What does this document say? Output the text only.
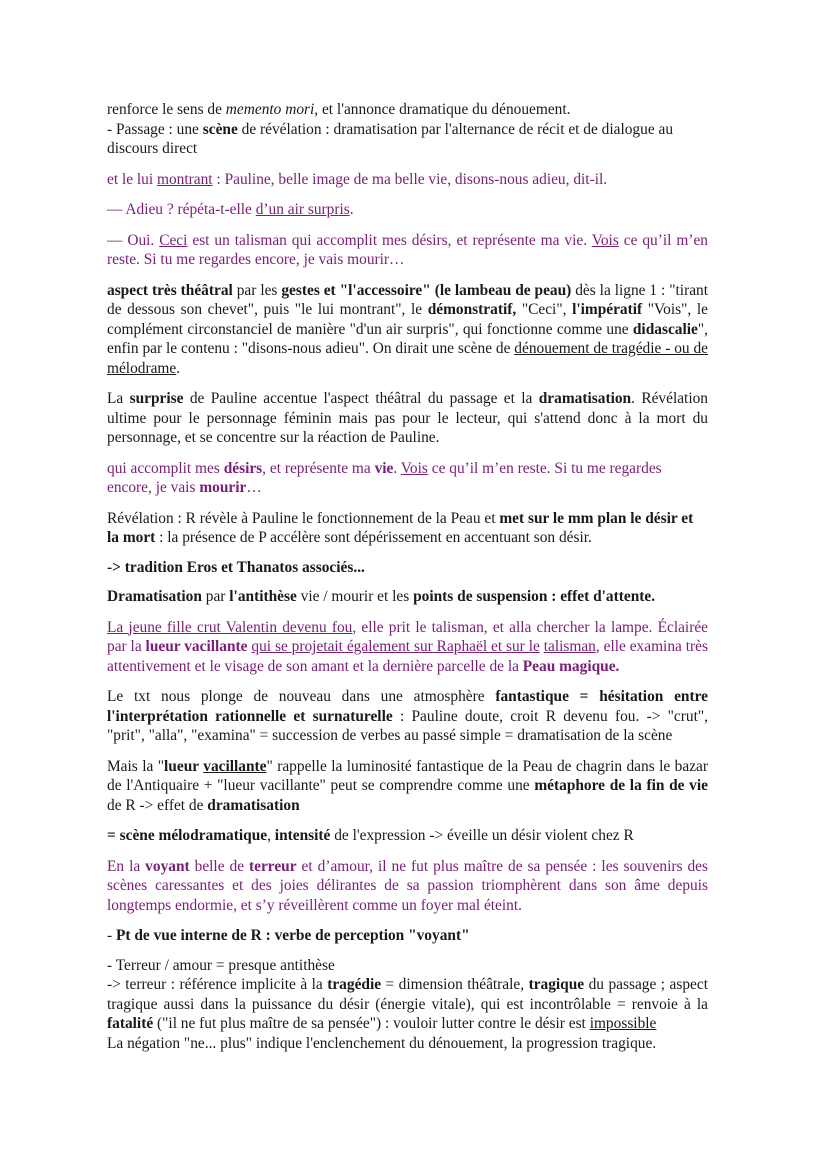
renforce le sens de memento mori, et l'annonce dramatique du dénouement.

- Passage : une scène de révélation : dramatisation par l'alternance de récit et de dialogue au discours direct

et le lui montrant : Pauline, belle image de ma belle vie, disons-nous adieu, dit-il.

— Adieu ? répéta-t-elle d’un air surpris.

— Oui. Ceci est un talisman qui accomplit mes désirs, et représente ma vie. Vois ce qu’il m’en reste. Si tu me regardes encore, je vais mourir…

aspect très théâtral par les gestes et "l'accessoire" (le lambeau de peau) dès la ligne 1 : "tirant de dessous son chevet", puis "le lui montrant", le démonstratif, "Ceci", l'impératif "Vois", le complément circonstanciel de manière "d'un air surpris", qui fonctionne comme une didascalie", enfin par le contenu : "disons-nous adieu". On dirait une scène de dénouement de tragédie - ou de mélodrame.

La surprise de Pauline accentue l'aspect théâtral du passage et la dramatisation. Révélation ultime pour le personnage féminin mais pas pour le lecteur, qui s'attend donc à la mort du personnage, et se concentre sur la réaction de Pauline.

qui accomplit mes désirs, et représente ma vie. Vois ce qu’il m’en reste. Si tu me regardes encore, je vais mourir…

Révélation : R révèle à Pauline le fonctionnement de la Peau et met sur le mm plan le désir et la mort : la présence de P accélère sont dépérissement en accentuant son désir.

-> tradition Eros et Thanatos associés...

Dramatisation par l'antithèse vie / mourir et les points de suspension : effet d'attente.

La jeune fille crut Valentin devenu fou, elle prit le talisman, et alla chercher la lampe. Éclairée par la lueur vacillante qui se projetait également sur Raphaël et sur le talisman, elle examina très attentivement et le visage de son amant et la dernière parcelle de la Peau magique.

Le txt nous plonge de nouveau dans une atmosphère fantastique = hésitation entre l'interprétation rationnelle et surnaturelle : Pauline doute, croit R devenu fou. -> "crut", "prit", "alla", "examina" = succession de verbes au passé simple = dramatisation de la scène

Mais la "lueur vacillante" rappelle la luminosité fantastique de la Peau de chagrin dans le bazar de l'Antiquaire + "lueur vacillante" peut se comprendre comme une métaphore de la fin de vie de R -> effet de dramatisation

= scène mélodramatique, intensité de l'expression -> éveille un désir violent chez R

En la voyant belle de terreur et d’amour, il ne fut plus maître de sa pensée : les souvenirs des scènes caressantes et des joies délirantes de sa passion triomphèrent dans son âme depuis longtemps endormie, et s’y réveillèrent comme un foyer mal éteint.

- Pt de vue interne de R : verbe de perception "voyant"

- Terreur / amour = presque antithèse

-> terreur : référence implicite à la tragédie = dimension théâtrale, tragique du passage ; aspect tragique aussi dans la puissance du désir (énergie vitale), qui est incontrôlable = renvoie à la fatalité ("il ne fut plus maître de sa pensée") : vouloir lutter contre le désir est impossible

La négation "ne... plus" indique l'enclenchement du dénouement, la progression tragique.
